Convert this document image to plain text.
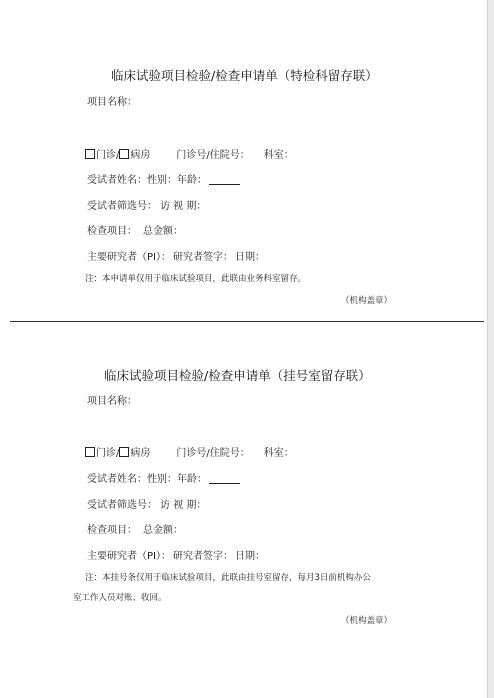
临床试验项目检验/检查申请单（特检科留存联）
项目名称：
门诊/ 病房	门诊号/住院号： 科室：
受试者姓名：性别：年龄：
受试者筛选号： 访 视 期：
检查项目： 总金额：
主要研究者（PI）： 研究者签字： 日期：
注：本申请单仅用于临床试验项目，此联由业务科室留存。
（机构盖章）
临床试验项目检验/检查申请单（挂号室留存联）
项目名称：
门诊/ 病房	门诊号/住院号： 科室：
受试者姓名：性别：年龄：
受试者筛选号： 访 视 期：
检查项目： 总金额：
主要研究者（PI）： 研究者签字： 日期：
注：本挂号条仅用于临床试验项目，此联由挂号室留存，每月3日前机构办公
室工作人员对账、收回。
（机构盖章）
